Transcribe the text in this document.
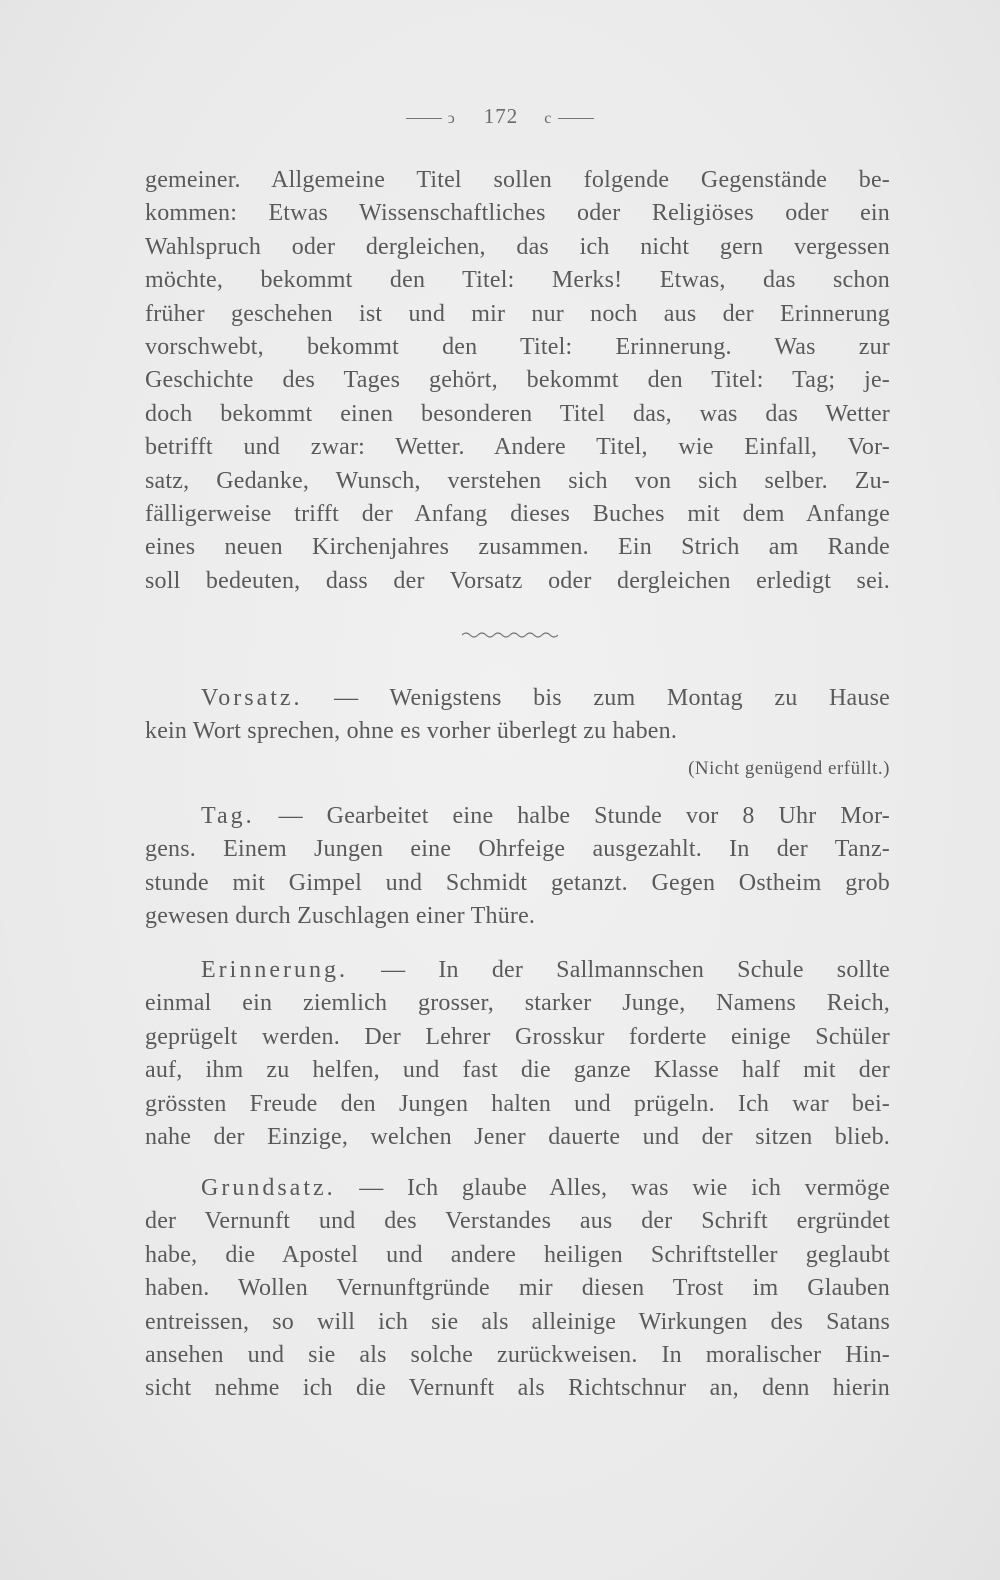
ↄ 172 c
gemeiner. Allgemeine Titel sollen folgende Gegenstände be-
kommen: Etwas Wissenschaftliches oder Religiöses oder ein
Wahlspruch oder dergleichen, das ich nicht gern vergessen
möchte, bekommt den Titel: Merks! Etwas, das schon
früher geschehen ist und mir nur noch aus der Erinnerung
vorschwebt, bekommt den Titel: Erinnerung. Was zur
Geschichte des Tages gehört, bekommt den Titel: Tag; je-
doch bekommt einen besonderen Titel das, was das Wetter
betrifft und zwar: Wetter. Andere Titel, wie Einfall, Vor-
satz, Gedanke, Wunsch, verstehen sich von sich selber. Zu-
fälligerweise trifft der Anfang dieses Buches mit dem Anfange
eines neuen Kirchenjahres zusammen. Ein Strich am Rande
soll bedeuten, dass der Vorsatz oder dergleichen erledigt sei.
Vorsatz. — Wenigstens bis zum Montag zu Hause
kein Wort sprechen, ohne es vorher überlegt zu haben.
(Nicht genügend erfüllt.)
Tag. — Gearbeitet eine halbe Stunde vor 8 Uhr Mor-
gens. Einem Jungen eine Ohrfeige ausgezahlt. In der Tanz-
stunde mit Gimpel und Schmidt getanzt. Gegen Ostheim grob
gewesen durch Zuschlagen einer Thüre.
Erinnerung. — In der Sallmannschen Schule sollte
einmal ein ziemlich grosser, starker Junge, Namens Reich,
geprügelt werden. Der Lehrer Grosskur forderte einige Schüler
auf, ihm zu helfen, und fast die ganze Klasse half mit der
grössten Freude den Jungen halten und prügeln. Ich war bei-
nahe der Einzige, welchen Jener dauerte und der sitzen blieb.
Grundsatz. — Ich glaube Alles, was wie ich vermöge
der Vernunft und des Verstandes aus der Schrift ergründet
habe, die Apostel und andere heiligen Schriftsteller geglaubt
haben. Wollen Vernunftgründe mir diesen Trost im Glauben
entreissen, so will ich sie als alleinige Wirkungen des Satans
ansehen und sie als solche zurückweisen. In moralischer Hin-
sicht nehme ich die Vernunft als Richtschnur an, denn hierin
